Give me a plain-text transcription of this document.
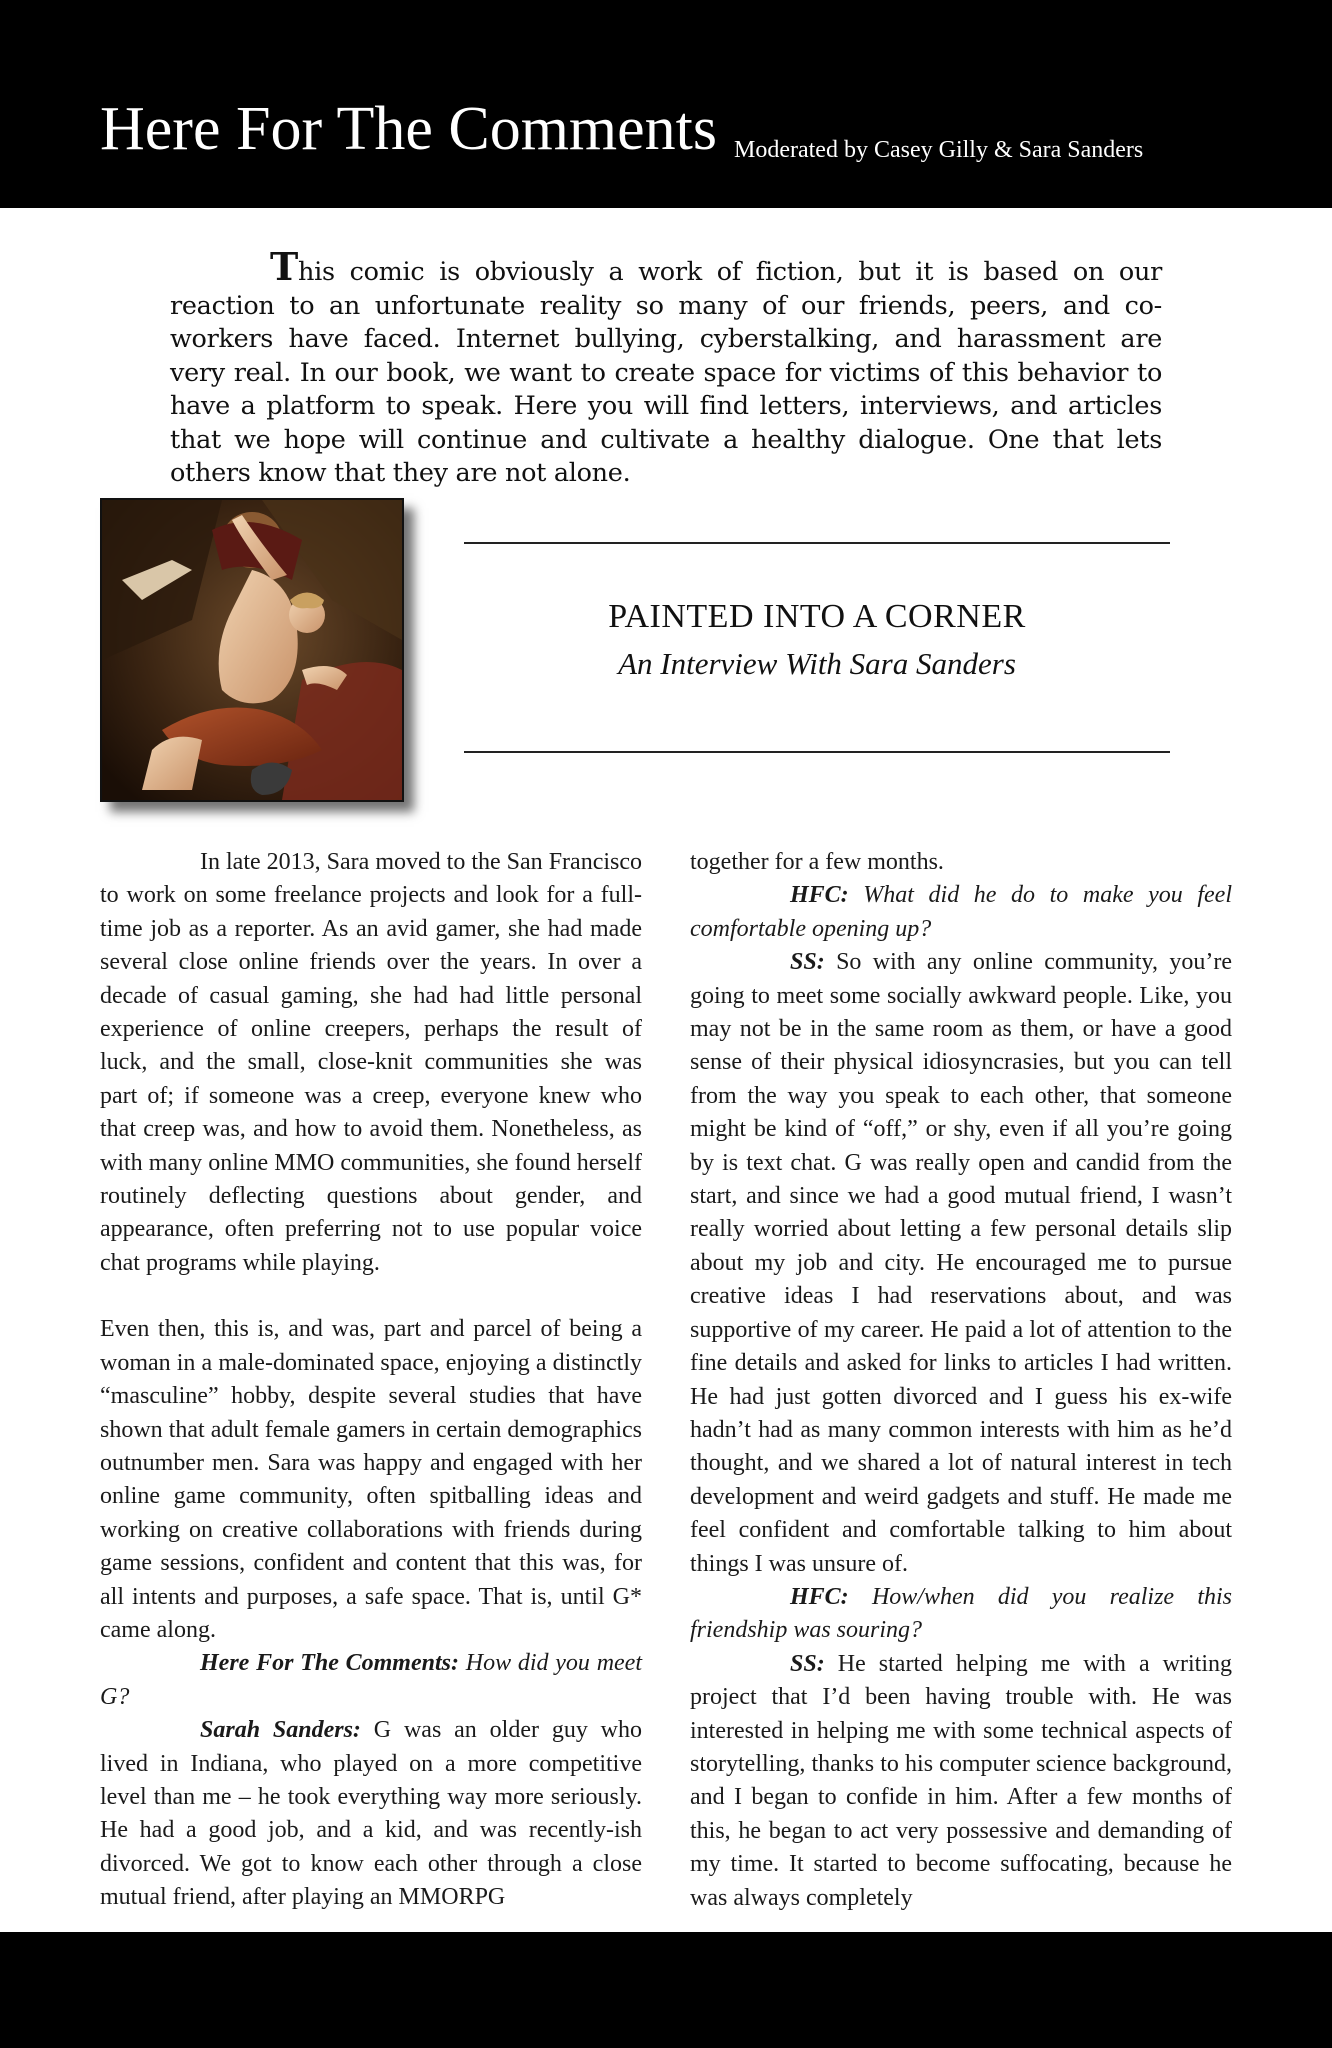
Here For The Comments Moderated by Casey Gilly & Sara Sanders
This comic is obviously a work of fiction, but it is based on our reaction to an unfortunate reality so many of our friends, peers, and co-workers have faced. Internet bullying, cyberstalking, and harassment are very real. In our book, we want to create space for victims of this behavior to have a platform to speak. Here you will find letters, interviews, and articles that we hope will continue and cultivate a healthy dialogue. One that lets others know that they are not alone.
PAINTED INTO A CORNER
An Interview With Sara Sanders

In late 2013, Sara moved to the San Francisco to work on some freelance projects and look for a full-time job as a reporter. As an avid gamer, she had made several close online friends over the years. In over a decade of casual gaming, she had had little personal experience of online creepers, perhaps the result of luck, and the small, close-knit communities she was part of; if someone was a creep, everyone knew who that creep was, and how to avoid them. Nonetheless, as with many online MMO communities, she found herself routinely deflecting questions about gender, and appearance, often preferring not to use popular voice chat programs while playing.

Even then, this is, and was, part and parcel of being a woman in a male-dominated space, enjoying a distinctly “masculine” hobby, despite several studies that have shown that adult female gamers in certain demographics outnumber men. Sara was happy and engaged with her online game community, often spitballing ideas and working on creative collaborations with friends during game sessions, confident and content that this was, for all intents and purposes, a safe space. That is, until G* came along.

Here For The Comments: How did you meet G?

Sarah Sanders: G was an older guy who lived in Indiana, who played on a more competitive level than me – he took everything way more seriously. He had a good job, and a kid, and was recently-ish divorced. We got to know each other through a close mutual friend, after playing an MMORPG

together for a few months.

HFC: What did he do to make you feel comfortable opening up?

SS: So with any online community, you’re going to meet some socially awkward people. Like, you may not be in the same room as them, or have a good sense of their physical idiosyncrasies, but you can tell from the way you speak to each other, that someone might be kind of “off,” or shy, even if all you’re going by is text chat. G was really open and candid from the start, and since we had a good mutual friend, I wasn’t really worried about letting a few personal details slip about my job and city. He encouraged me to pursue creative ideas I had reservations about, and was supportive of my career. He paid a lot of attention to the fine details and asked for links to articles I had written. He had just gotten divorced and I guess his ex-wife hadn’t had as many common interests with him as he’d thought, and we shared a lot of natural interest in tech development and weird gadgets and stuff. He made me feel confident and comfortable talking to him about things I was unsure of.

HFC: How/when did you realize this friendship was souring?

SS: He started helping me with a writing project that I’d been having trouble with. He was interested in helping me with some technical aspects of storytelling, thanks to his computer science background, and I began to confide in him. After a few months of this, he began to act very possessive and demanding of my time. It started to become suffocating, because he was always completely
